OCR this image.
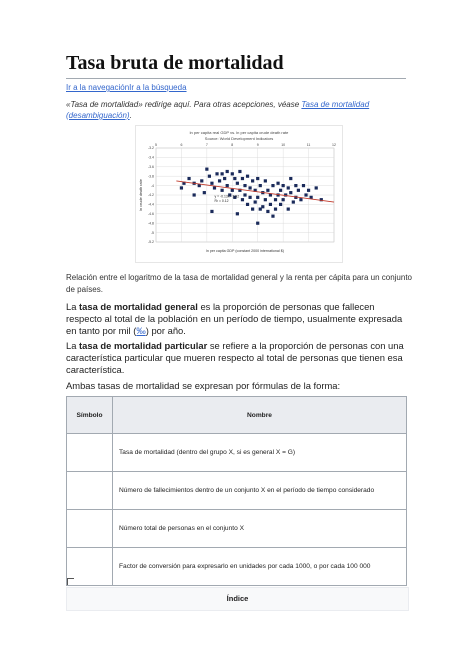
Tasa bruta de mortalidad
Ir a la navegaciónIr a la búsqueda
«Tasa de mortalidad» redirige aquí. Para otras acepciones, véase Tasa de mortalidad (desambiguación).
ln per capita real GDP vs. ln per capita crude death rate
Source: World Development Indicators
5	6	7	8	9	10	11	12
-3.2
-3.4
-3.6
-3.8
-4
-4.2
-4.4
-4.6
-4.8
-5
-5.2
ln crude death rate
ln per capita GDP (constant 2000 international $)
y = -0.13x - 3.52
R² = 0.12
Relación entre el logaritmo de la tasa de mortalidad general y la renta per cápita para un conjunto de países.

La tasa de mortalidad general es la proporción de personas que fallecen respecto al total de la población en un período de tiempo, usualmente expresada en tanto por mil (‰) por año.

La tasa de mortalidad particular se refiere a la proporción de personas con una característica particular que mueren respecto al total de personas que tienen esa característica.

Ambas tasas de mortalidad se expresan por fórmulas de la forma:

Símbolo	Nombre
	Tasa de mortalidad (dentro del grupo X, si es general X = G)
	Número de fallecimientos dentro de un conjunto X en el período de tiempo considerado
	Número total de personas en el conjunto X
	Factor de conversión para expresarlo en unidades por cada 1000, o por cada 100 000
Índice
